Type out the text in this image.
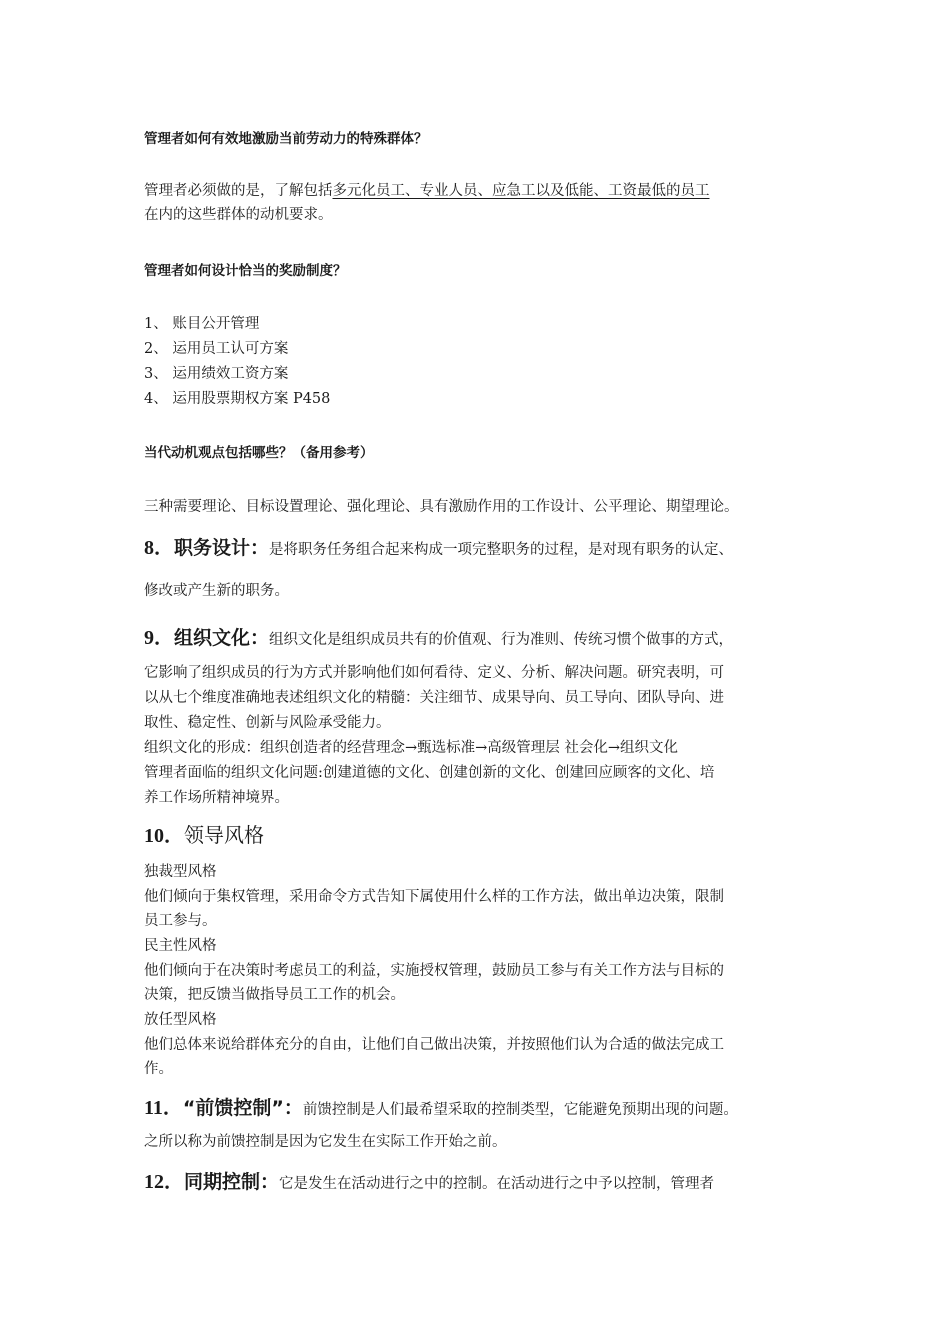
管理者如何有效地激励当前劳动力的特殊群体？
管理者必须做的是，了解包括多元化员工、专业人员、应急工以及低能、工资最低的员工
在内的这些群体的动机要求。
管理者如何设计恰当的奖励制度？
1、 账目公开管理
2、 运用员工认可方案
3、 运用绩效工资方案
4、 运用股票期权方案 P458
当代动机观点包括哪些？（备用参考）
三种需要理论、目标设置理论、强化理论、具有激励作用的工作设计、公平理论、期望理论。
8．职务设计：是将职务任务组合起来构成一项完整职务的过程，是对现有职务的认定、
修改或产生新的职务。
9．组织文化：组织文化是组织成员共有的价值观、行为准则、传统习惯个做事的方式，
它影响了组织成员的行为方式并影响他们如何看待、定义、分析、解决问题。研究表明，可
以从七个维度准确地表述组织文化的精髓：关注细节、成果导向、员工导向、团队导向、进
取性、稳定性、创新与风险承受能力。
组织文化的形成：组织创造者的经营理念→甄选标准→高级管理层 社会化→组织文化
管理者面临的组织文化问题:创建道德的文化、创建创新的文化、创建回应顾客的文化、培
养工作场所精神境界。
10．领导风格
独裁型风格
他们倾向于集权管理，采用命令方式告知下属使用什么样的工作方法，做出单边决策，限制
员工参与。
民主性风格
他们倾向于在决策时考虑员工的利益，实施授权管理，鼓励员工参与有关工作方法与目标的
决策，把反馈当做指导员工工作的机会。
放任型风格
他们总体来说给群体充分的自由，让他们自己做出决策，并按照他们认为合适的做法完成工
作。
11．“前馈控制”：前馈控制是人们最希望采取的控制类型，它能避免预期出现的问题。
之所以称为前馈控制是因为它发生在实际工作开始之前。
12．同期控制：它是发生在活动进行之中的控制。在活动进行之中予以控制，管理者
